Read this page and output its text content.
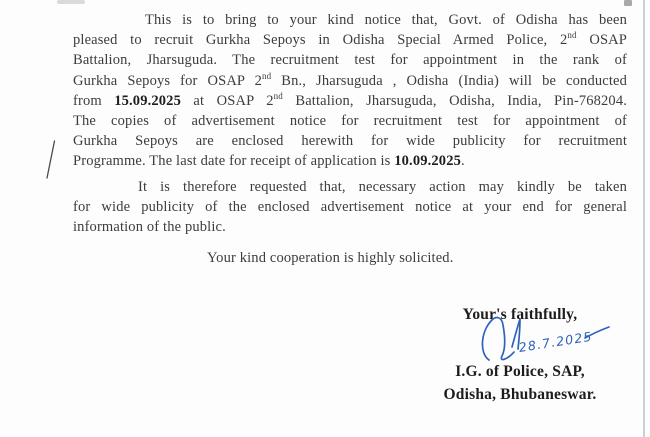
This is to bring to your kind notice that, Govt. of Odisha has been
pleased to recruit Gurkha Sepoys in Odisha Special Armed Police, 2nd OSAP
Battalion, Jharsuguda. The recruitment test for appointment in the rank of
Gurkha Sepoys for OSAP 2nd Bn., Jharsuguda , Odisha (India) will be conducted
from 15.09.2025 at OSAP 2nd Battalion, Jharsuguda, Odisha, India, Pin-768204.
The copies of advertisement notice for recruitment test for appointment of
Gurkha Sepoys are enclosed herewith for wide publicity for recruitment
Programme. The last date for receipt of application is 10.09.2025.
It is therefore requested that, necessary action may kindly be taken
for wide publicity of the enclosed advertisement notice at your end for general
information of the public.
Your kind cooperation is highly solicited.
Your's faithfully,
28.7.2025
I.G. of Police, SAP,
Odisha, Bhubaneswar.
